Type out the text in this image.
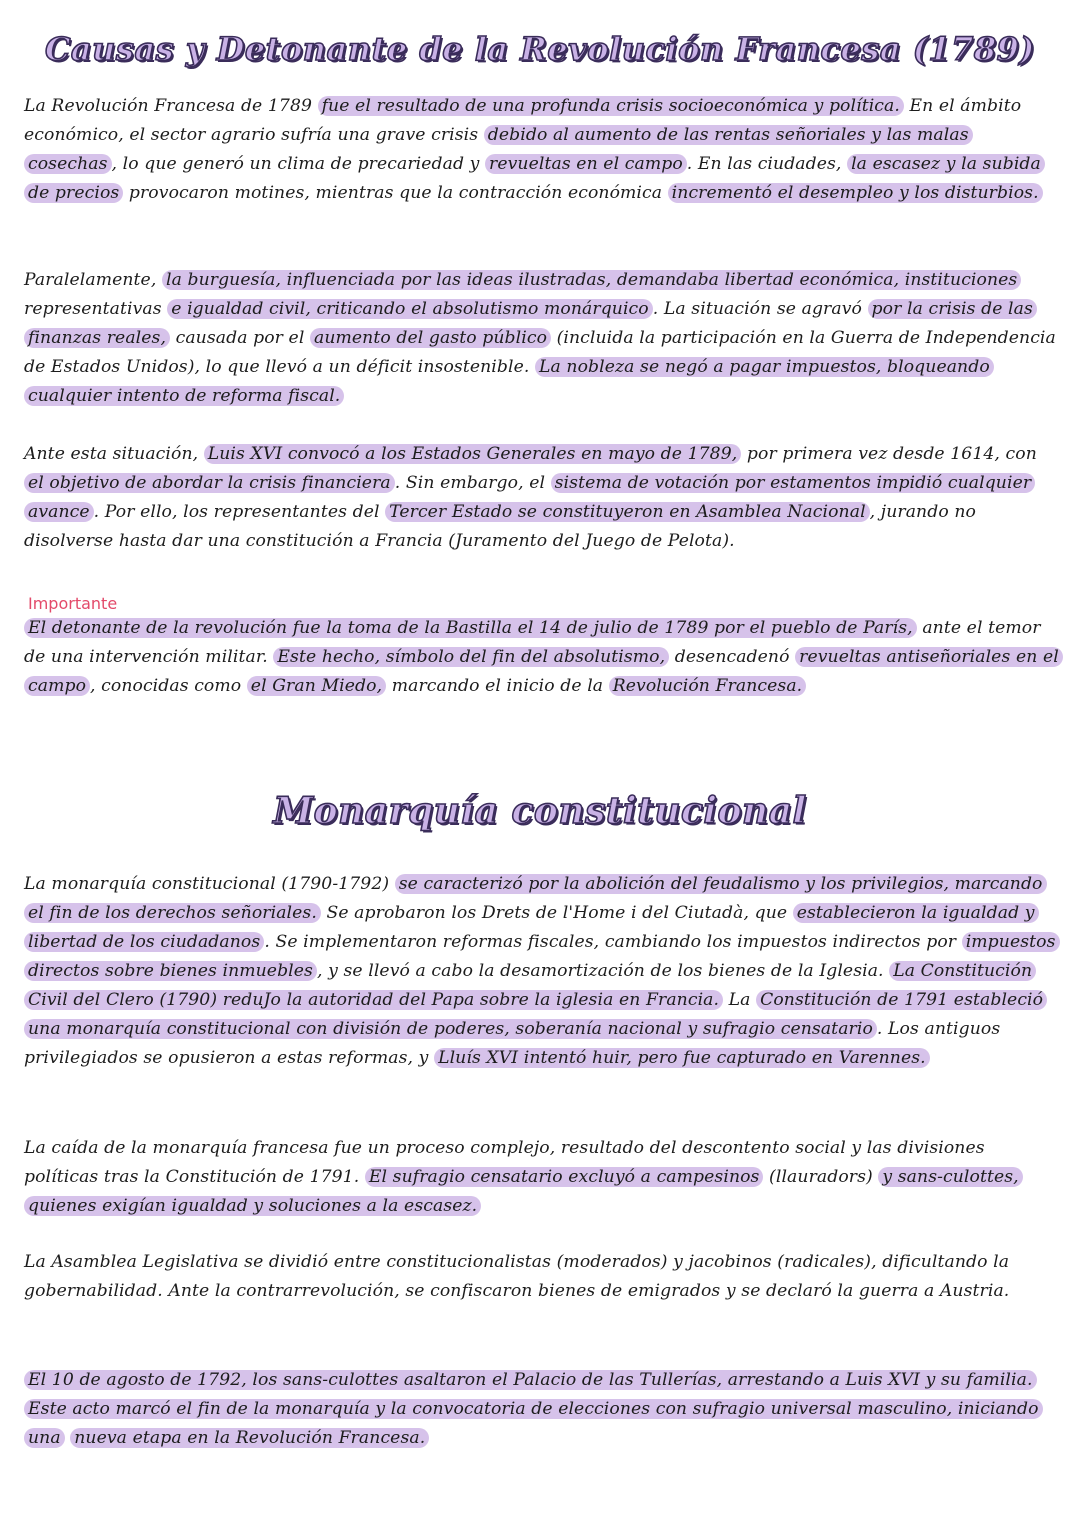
Causas y Detonante de la Revolución Francesa (1789)

La Revolución Francesa de 1789 fue el resultado de una profunda crisis socioeconómica y política. En el ámbito económico, el sector agrario sufría una grave crisis debido al aumento de las rentas señoriales y las malas cosechas , lo que generó un clima de precariedad y revueltas en el campo . En las ciudades, la escasez y la subida de precios provocaron motines, mientras que la contracción económica incrementó el desempleo y los disturbios.

Paralelamente, la burguesía, influenciada por las ideas ilustradas, demandaba libertad económica, instituciones representativas e igualdad civil, criticando el absolutismo monárquico . La situación se agravó por la crisis de las finanzas reales, causada por el aumento del gasto público (incluida la participación en la Guerra de Independencia de Estados Unidos), lo que llevó a un déficit insostenible. La nobleza se negó a pagar impuestos, bloqueando cualquier intento de reforma fiscal.

Ante esta situación, Luis XVI convocó a los Estados Generales en mayo de 1789, por primera vez desde 1614, con el objetivo de abordar la crisis financiera . Sin embargo, el sistema de votación por estamentos impidió cualquier avance . Por ello, los representantes del Tercer Estado se constituyeron en Asamblea Nacional , jurando no disolverse hasta dar una constitución a Francia (Juramento del Juego de Pelota).

Importante

El detonante de la revolución fue la toma de la Bastilla el 14 de julio de 1789 por el pueblo de París, ante el temor de una intervención militar. Este hecho, símbolo del fin del absolutismo, desencadenó revueltas antiseñoriales en el campo , conocidas como el Gran Miedo, marcando el inicio de la Revolución Francesa.

Monarquía constitucional

La monarquía constitucional (1790-1792) se caracterizó por la abolición del feudalismo y los privilegios, marcando el fin de los derechos señoriales. Se aprobaron los Drets de l'Home i del Ciutadà, que establecieron la igualdad y libertad de los ciudadanos . Se implementaron reformas fiscales, cambiando los impuestos indirectos por impuestos directos sobre bienes inmuebles , y se llevó a cabo la desamortización de los bienes de la Iglesia. La Constitución Civil del Clero (1790) reduJo la autoridad del Papa sobre la iglesia en Francia. La Constitución de 1791 estableció una monarquía constitucional con división de poderes, soberanía nacional y sufragio censatario . Los antiguos privilegiados se opusieron a estas reformas, y Lluís XVI intentó huir, pero fue capturado en Varennes.

La caída de la monarquía francesa fue un proceso complejo, resultado del descontento social y las divisiones políticas tras la Constitución de 1791. El sufragio censatario excluyó a campesinos (llauradors) y sans-culottes, quienes exigían igualdad y soluciones a la escasez.

La Asamblea Legislativa se dividió entre constitucionalistas (moderados) y jacobinos (radicales), dificultando la gobernabilidad. Ante la contrarrevolución, se confiscaron bienes de emigrados y se declaró la guerra a Austria.

El 10 de agosto de 1792, los sans-culottes asaltaron el Palacio de las Tullerías, arrestando a Luis XVI y su familia. Este acto marcó el fin de la monarquía y la convocatoria de elecciones con sufragio universal masculino, iniciando una nueva etapa en la Revolución Francesa.
